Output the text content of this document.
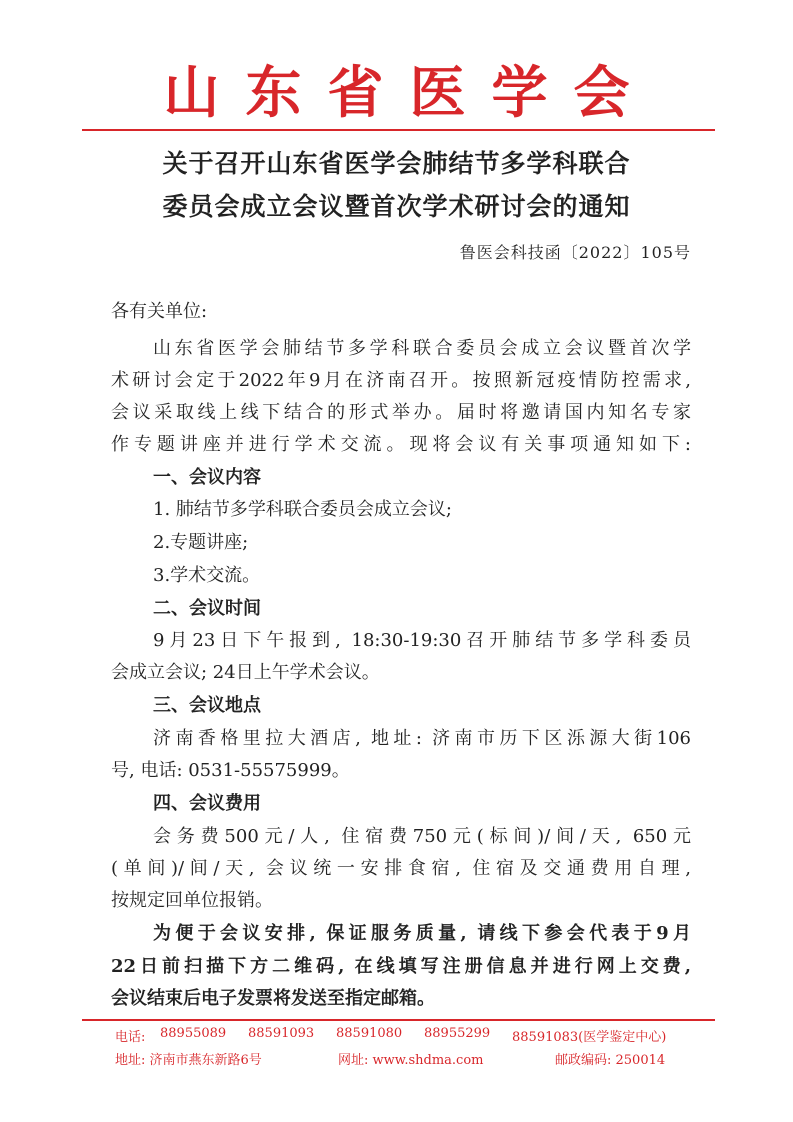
山东省医学会
关于召开山东省医学会肺结节多学科联合
委员会成立会议暨首次学术研讨会的通知
鲁医会科技函〔2022〕105号
各有关单位:
山东省医学会肺结节多学科联合委员会成立会议暨首次学
术研讨会定于2022年9月在济南召开。按照新冠疫情防控需求,
会议采取线上线下结合的形式举办。届时将邀请国内知名专家
作专题讲座并进行学术交流。现将会议有关事项通知如下:
一、会议内容
1. 肺结节多学科联合委员会成立会议;
2.专题讲座;
3.学术交流。
二、会议时间
9月23日下午报到, 18:30-19:30召开肺结节多学科委员
会成立会议; 24日上午学术会议。
三、会议地点
济南香格里拉大酒店, 地址: 济南市历下区泺源大街106
号, 电话: 0531-55575999。
四、会议费用
会务费500元/人, 住宿费750元(标间)/间/天, 650元
(单间)/间/天, 会议统一安排食宿, 住宿及交通费用自理,
按规定回单位报销。
为便于会议安排, 保证服务质量, 请线下参会代表于9月
22日前扫描下方二维码, 在线填写注册信息并进行网上交费,
会议结束后电子发票将发送至指定邮箱。
电话: 88955089 88591093 88591080 88955299 88591083(医学鉴定中心)
地址: 济南市燕东新路6号	网址: www.shdma.com	邮政编码: 250014
